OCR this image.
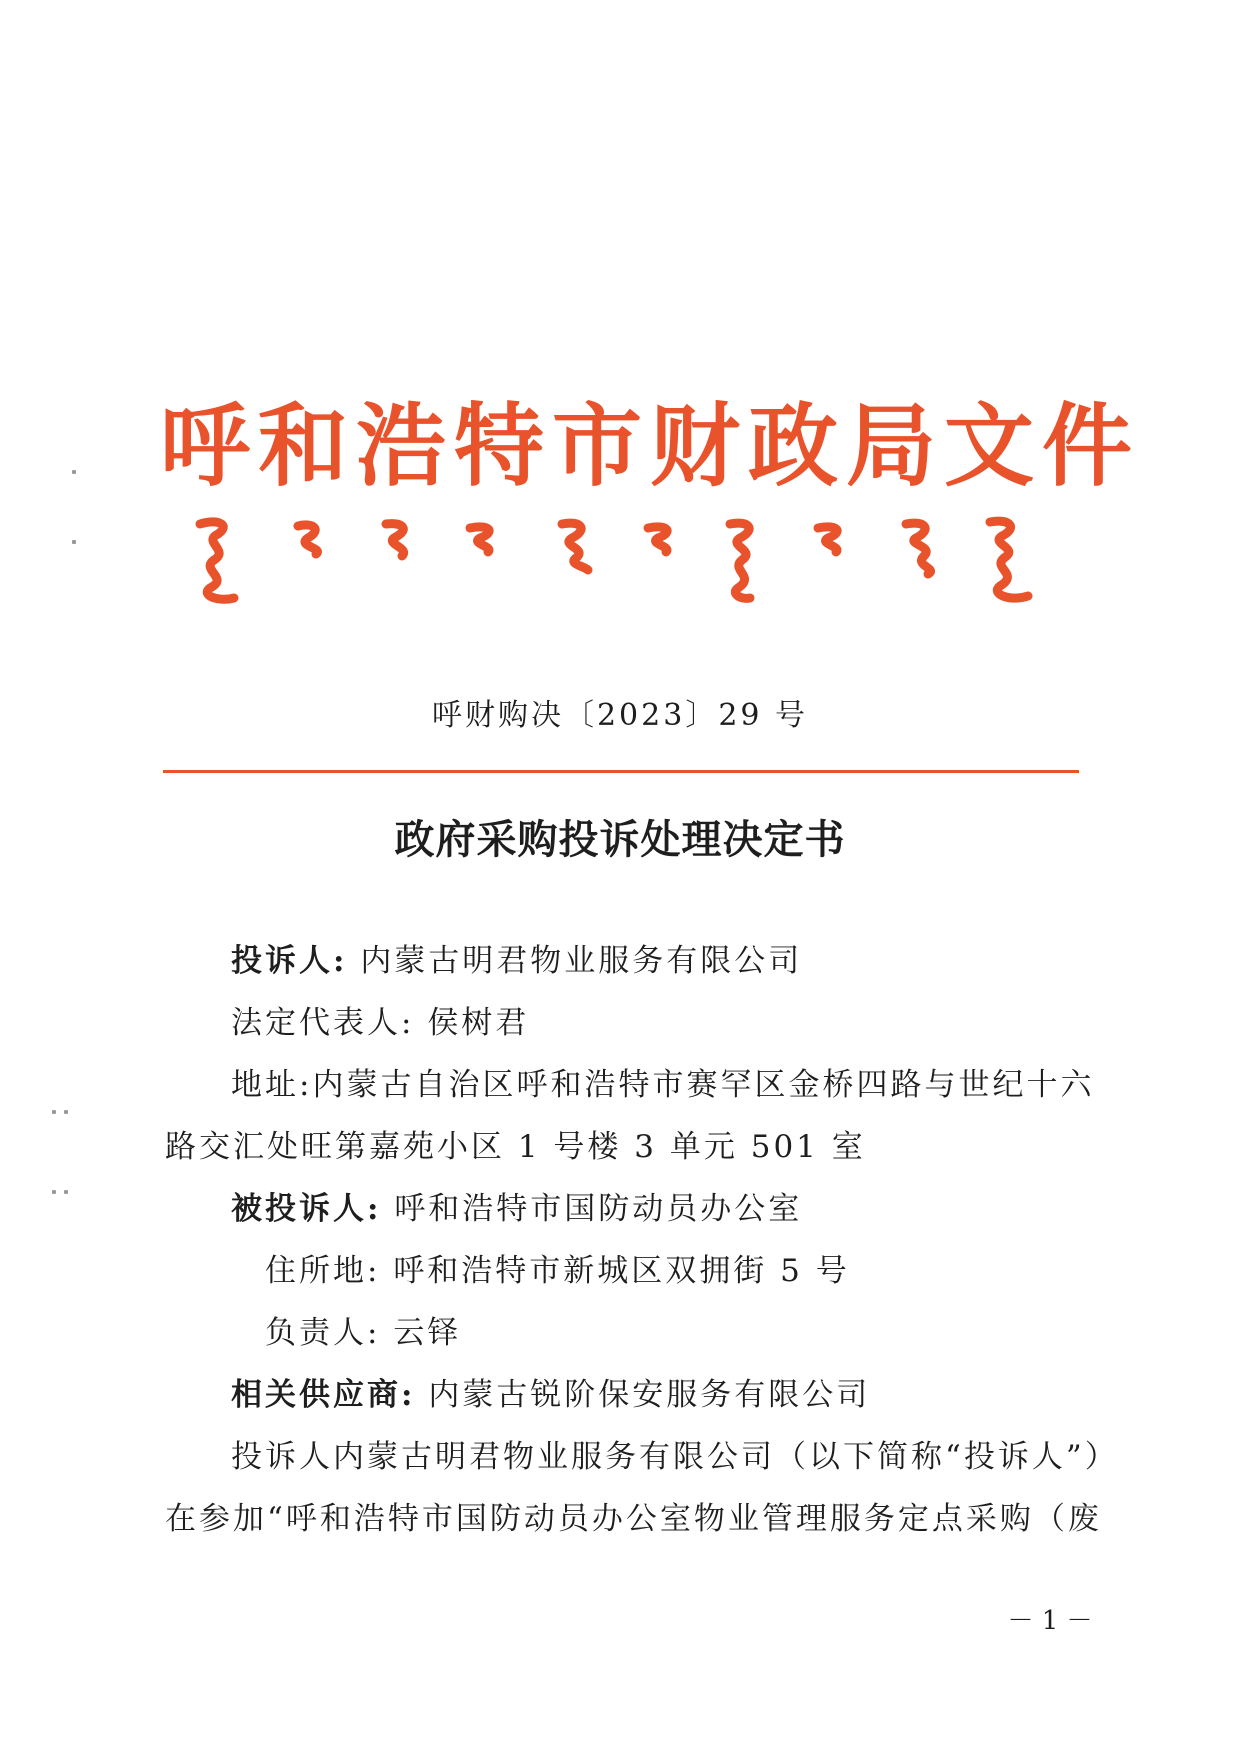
呼和浩特市财政局文件
呼财购决〔2023〕29 号
政府采购投诉处理决定书
投诉人: 内蒙古明君物业服务有限公司
法定代表人: 侯树君
地址:内蒙古自治区呼和浩特市赛罕区金桥四路与世纪十六
路交汇处旺第嘉苑小区 1 号楼 3 单元 501 室
被投诉人: 呼和浩特市国防动员办公室
住所地: 呼和浩特市新城区双拥街 5 号
负责人: 云铎
相关供应商: 内蒙古锐阶保安服务有限公司
投诉人内蒙古明君物业服务有限公司（以下简称“投诉人”）
在参加“呼和浩特市国防动员办公室物业管理服务定点采购（废
－ 1 －
